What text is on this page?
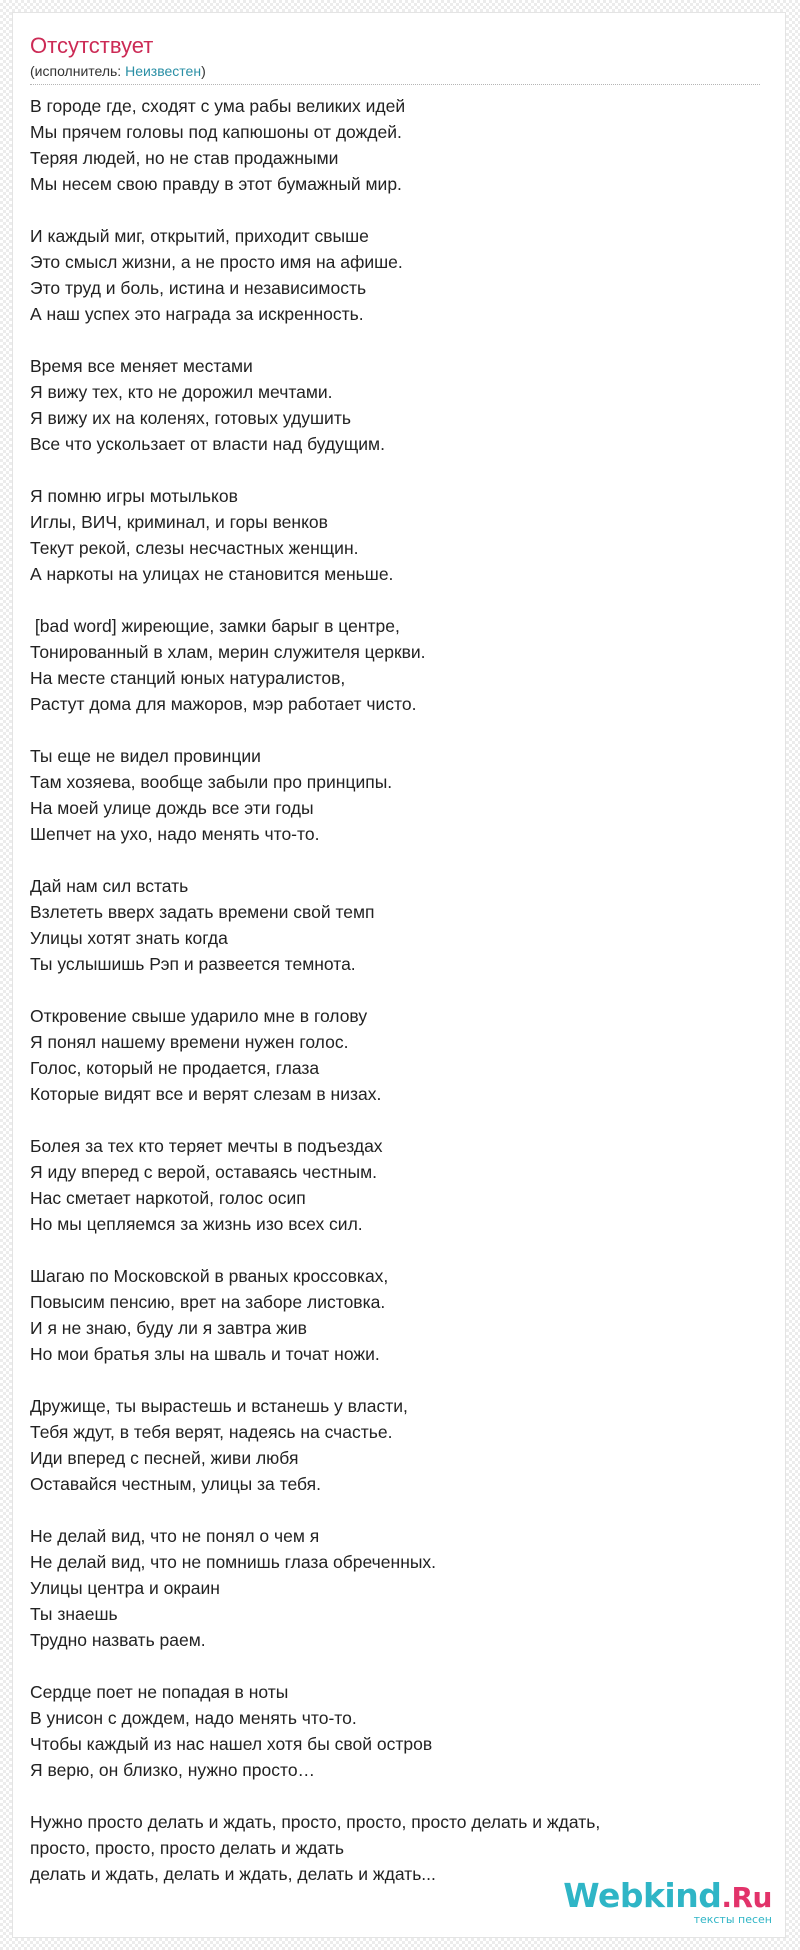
Отсутствует
(исполнитель: Неизвестен)
В городе где, сходят с ума рабы великих идей
Мы прячем головы под капюшоны от дождей.
Теряя людей, но не став продажными
Мы несем свою правду в этот бумажный мир.
И каждый миг, открытий, приходит свыше
Это смысл жизни, а не просто имя на афише.
Это труд и боль, истина и независимость
А наш успех это награда за искренность.
Время все меняет местами
Я вижу тех, кто не дорожил мечтами.
Я вижу их на коленях, готовых удушить
Все что ускользает от власти над будущим.
Я помню игры мотыльков
Иглы, ВИЧ, криминал, и горы венков
Текут рекой, слезы несчастных женщин.
А наркоты на улицах не становится меньше.
[bad word] жиреющие, замки барыг в центре,
Тонированный в хлам, мерин служителя церкви.
На месте станций юных натуралистов,
Растут дома для мажоров, мэр работает чисто.
Ты еще не видел провинции
Там хозяева, вообще забыли про принципы.
На моей улице дождь все эти годы
Шепчет на ухо, надо менять что-то.
Дай нам сил встать
Взлететь вверх задать времени свой темп
Улицы хотят знать когда
Ты услышишь Рэп и развеется темнота.
Откровение свыше ударило мне в голову
Я понял нашему времени нужен голос.
Голос, который не продается, глаза
Которые видят все и верят слезам в низах.
Болея за тех кто теряет мечты в подъездах
Я иду вперед с верой, оставаясь честным.
Нас сметает наркотой, голос осип
Но мы цепляемся за жизнь изо всех сил.
Шагаю по Московской в рваных кроссовках,
Повысим пенсию, врет на заборе листовка.
И я не знаю, буду ли я завтра жив
Но мои братья злы на шваль и точат ножи.
Дружище, ты вырастешь и встанешь у власти,
Тебя ждут, в тебя верят, надеясь на счастье.
Иди вперед с песней, живи любя
Оставайся честным, улицы за тебя.
Не делай вид, что не понял о чем я
Не делай вид, что не помнишь глаза обреченных.
Улицы центра и окраин
Ты знаешь
Трудно назвать раем.
Сердце поет не попадая в ноты
В унисон с дождем, надо менять что-то.
Чтобы каждый из нас нашел хотя бы свой остров
Я верю, он близко, нужно просто…
Нужно просто делать и ждать, просто, просто, просто делать и ждать,
просто, просто, просто делать и ждать
делать и ждать, делать и ждать, делать и ждать...
Webkind.Ru
тексты песен
